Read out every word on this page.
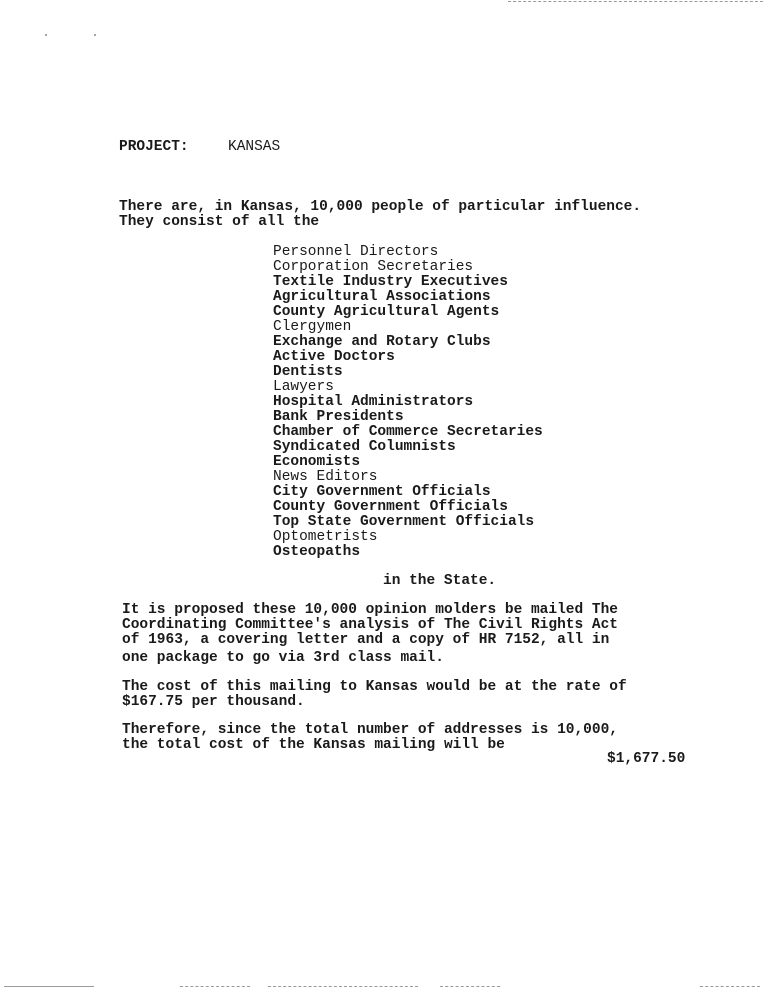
PROJECT:	KANSAS
There are, in Kansas, 10,000 people of particular influence.
They consist of all the
Personnel Directors
Corporation Secretaries
Textile Industry Executives
Agricultural Associations
County Agricultural Agents
Clergymen
Exchange and Rotary Clubs
Active Doctors
Dentists
Lawyers
Hospital Administrators
Bank Presidents
Chamber of Commerce Secretaries
Syndicated Columnists
Economists
News Editors
City Government Officials
County Government Officials
Top State Government Officials
Optometrists
Osteopaths
in the State.
It is proposed these 10,000 opinion molders be mailed The
Coordinating Committee's analysis of The Civil Rights Act
of 1963, a covering letter and a copy of HR 7152, all in
one package to go via 3rd class mail.
The cost of this mailing to Kansas would be at the rate of
$167.75 per thousand.
Therefore, since the total number of addresses is 10,000,
the total cost of the Kansas mailing will be
$1,677.50
